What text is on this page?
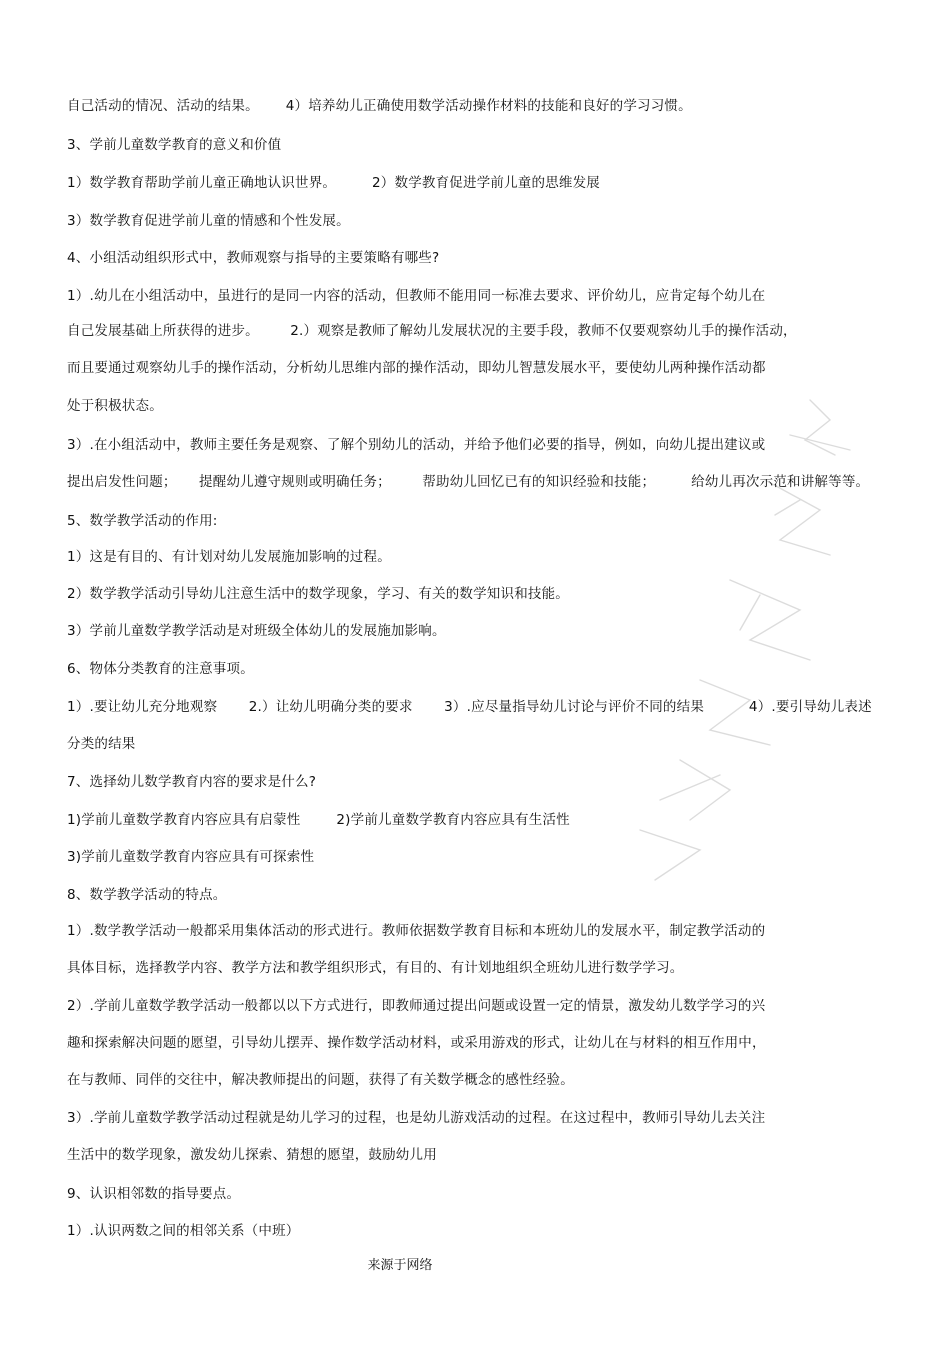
自己活动的情况、活动的结果。      4）培养幼儿正确使用数学活动操作材料的技能和良好的学习习惯。
3、学前儿童数学教育的意义和价值
1）数学教育帮助学前儿童正确地认识世界。        2）数学教育促进学前儿童的思维发展
3）数学教育促进学前儿童的情感和个性发展。
4、小组活动组织形式中，教师观察与指导的主要策略有哪些?
1）.幼儿在小组活动中，虽进行的是同一内容的活动，但教师不能用同一标准去要求、评价幼儿，应肯定每个幼儿在
自己发展基础上所获得的进步。       2.）观察是教师了解幼儿发展状况的主要手段，教师不仅要观察幼儿手的操作活动，
而且要通过观察幼儿手的操作活动，分析幼儿思维内部的操作活动，即幼儿智慧发展水平，要使幼儿两种操作活动都
处于积极状态。
3）.在小组活动中，教师主要任务是观察、了解个别幼儿的活动，并给予他们必要的指导，例如，向幼儿提出建议或
提出启发性问题；     提醒幼儿遵守规则或明确任务；       帮助幼儿回忆已有的知识经验和技能；        给幼儿再次示范和讲解等等。
5、数学教学活动的作用:
1）这是有目的、有计划对幼儿发展施加影响的过程。
2）数学教学活动引导幼儿注意生活中的数学现象，学习、有关的数学知识和技能。
3）学前儿童数学教学活动是对班级全体幼儿的发展施加影响。
6、物体分类教育的注意事项。
1）.要让幼儿充分地观察       2.）让幼儿明确分类的要求       3）.应尽量指导幼儿讨论与评价不同的结果          4）.要引导幼儿表述
分类的结果
7、选择幼儿数学教育内容的要求是什么?
1)学前儿童数学教育内容应具有启蒙性        2)学前儿童数学教育内容应具有生活性
3)学前儿童数学教育内容应具有可探索性
8、数学教学活动的特点。
1）.数学教学活动一般都采用集体活动的形式进行。教师依据数学教育目标和本班幼儿的发展水平，制定教学活动的
具体目标，选择教学内容、教学方法和教学组织形式，有目的、有计划地组织全班幼儿进行数学学习。
2）.学前儿童数学教学活动一般都以以下方式进行，即教师通过提出问题或设置一定的情景，激发幼儿数学学习的兴
趣和探索解决问题的愿望，引导幼儿摆弄、操作数学活动材料，或采用游戏的形式，让幼儿在与材料的相互作用中，
在与教师、同伴的交往中，解决教师提出的问题，获得了有关数学概念的感性经验。
3）.学前儿童数学教学活动过程就是幼儿学习的过程，也是幼儿游戏活动的过程。在这过程中，教师引导幼儿去关注
生活中的数学现象，激发幼儿探索、猜想的愿望，鼓励幼儿用
9、认识相邻数的指导要点。
1）.认识两数之间的相邻关系（中班）
来源于网络
